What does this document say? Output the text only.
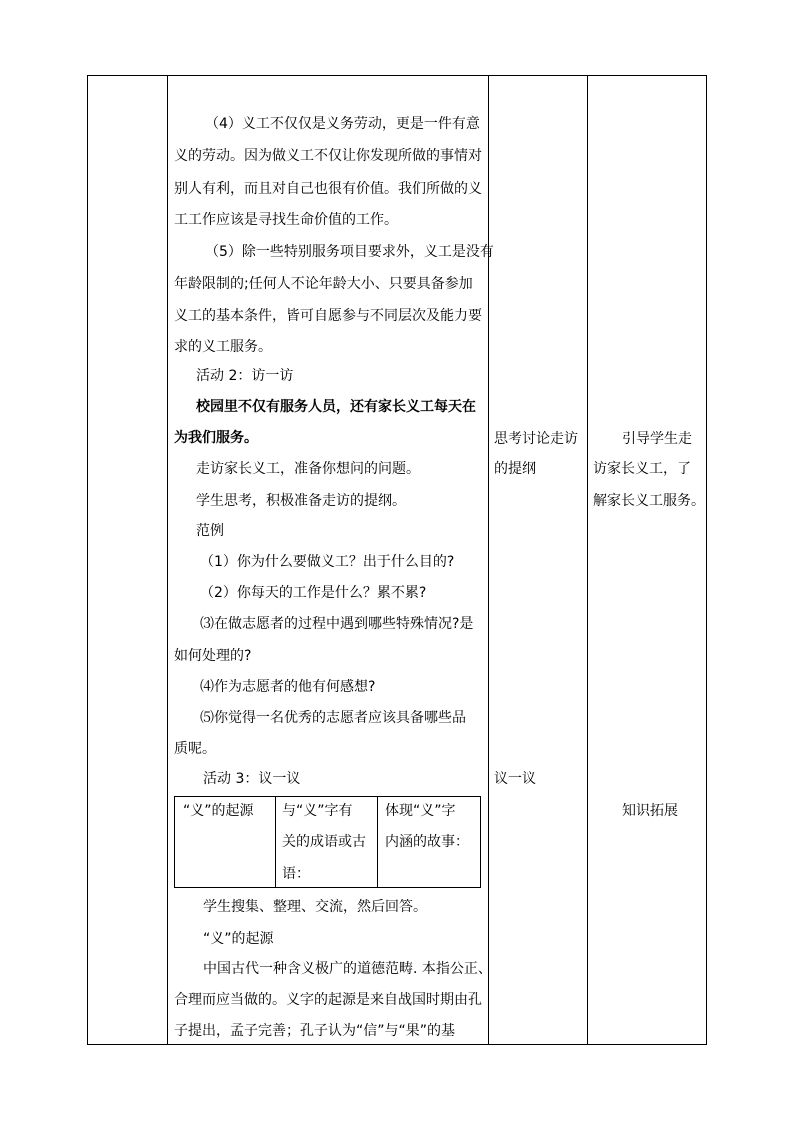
（4）义工不仅仅是义务劳动，更是一件有意
义的劳动。因为做义工不仅让你发现所做的事情对
别人有利，而且对自己也很有价值。我们所做的义
工工作应该是寻找生命价值的工作。
（5）除一些特别服务项目要求外，义工是没有
年龄限制的;任何人不论年龄大小、只要具备参加
义工的基本条件，皆可自愿参与不同层次及能力要
求的义工服务。
活动 2：访一访
校园里不仅有服务人员，还有家长义工每天在
为我们服务。
走访家长义工，准备你想问的问题。
学生思考，积极准备走访的提纲。
范例
（1）你为什么要做义工？出于什么目的?
（2）你每天的工作是什么？累不累?
⑶在做志愿者的过程中遇到哪些特殊情况?是
如何处理的?
⑷作为志愿者的他有何感想?
⑸你觉得一名优秀的志愿者应该具备哪些品
质呢。
活动 3：议一议
“义”的起源 与“义”字有
关的成语或古
语：
体现“义”字
内涵的故事：
学生搜集、整理、交流，然后回答。
“义”的起源
中国古代一种含义极广的道德范畴. 本指公正、
合理而应当做的。义字的起源是来自战国时期由孔
子提出，孟子完善；孔子认为“信”与“果”的基
思考讨论走访
的提纲
议一议
引导学生走
访家长义工，了
解家长义工服务。
知识拓展
